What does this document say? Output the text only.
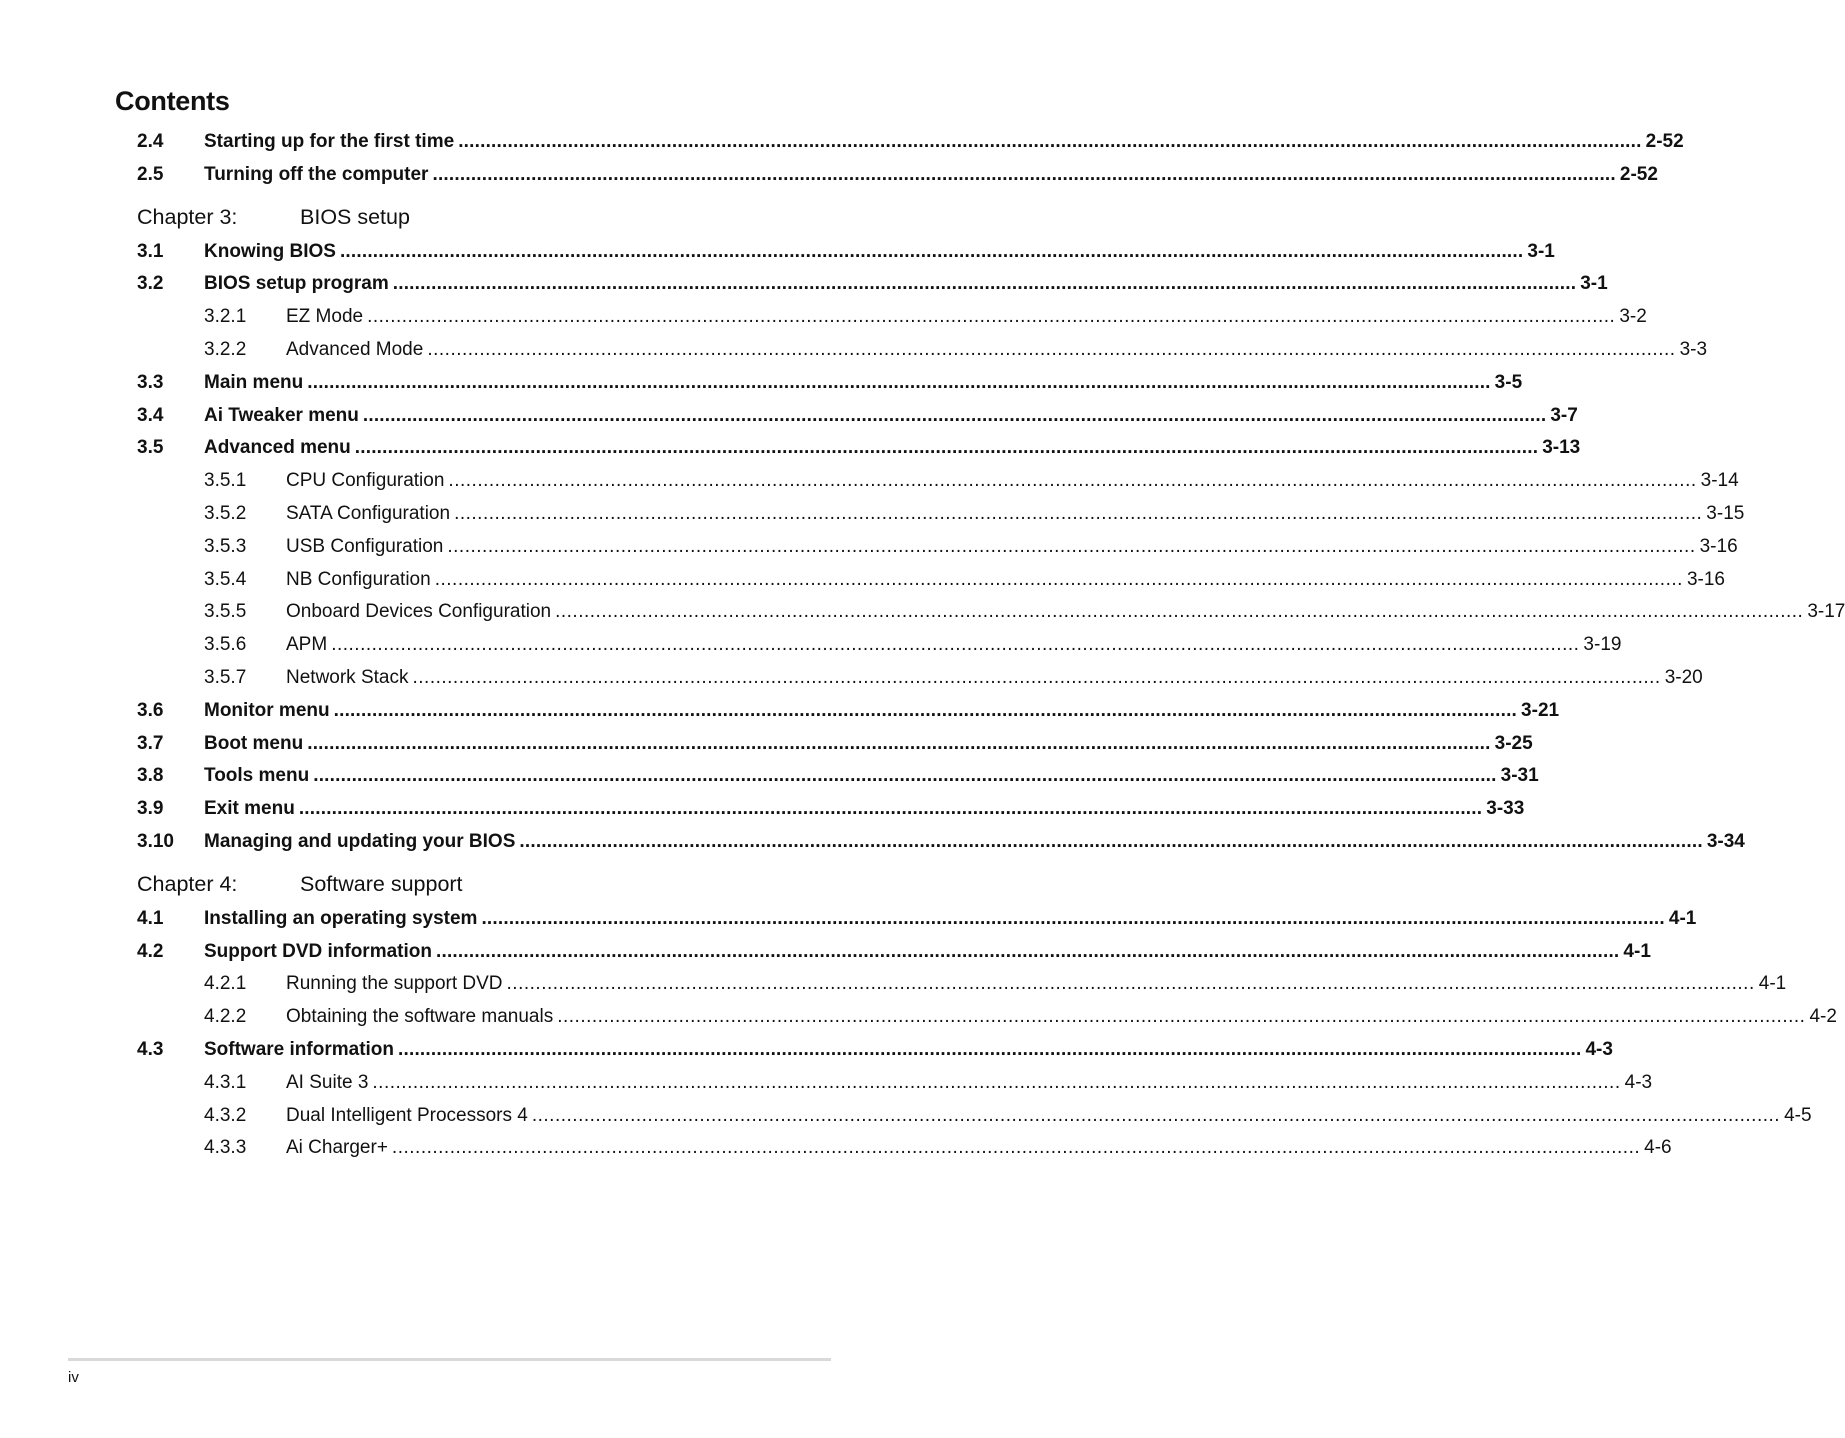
Contents
2.4	Starting up for the first time ........................................................................................................................................................................................................................ 2-52
2.5	Turning off the computer ........................................................................................................................................................................................................................ 2-52
Chapter 3:	BIOS setup
3.1	Knowing BIOS ........................................................................................................................................................................................................................ 3-1
3.2	BIOS setup program ........................................................................................................................................................................................................................ 3-1
3.2.1	EZ Mode ........................................................................................................................................................................................................................ 3-2
3.2.2	Advanced Mode ........................................................................................................................................................................................................................ 3-3
3.3	Main menu ........................................................................................................................................................................................................................ 3-5
3.4	Ai Tweaker menu ........................................................................................................................................................................................................................ 3-7
3.5	Advanced menu ........................................................................................................................................................................................................................ 3-13
3.5.1	CPU Configuration ........................................................................................................................................................................................................................ 3-14
3.5.2	SATA Configuration ........................................................................................................................................................................................................................ 3-15
3.5.3	USB Configuration ........................................................................................................................................................................................................................ 3-16
3.5.4	NB Configuration ........................................................................................................................................................................................................................ 3-16
3.5.5	Onboard Devices Configuration ........................................................................................................................................................................................................................ 3-17
3.5.6	APM ........................................................................................................................................................................................................................ 3-19
3.5.7	Network Stack ........................................................................................................................................................................................................................ 3-20
3.6	Monitor menu ........................................................................................................................................................................................................................ 3-21
3.7	Boot menu ........................................................................................................................................................................................................................ 3-25
3.8	Tools menu ........................................................................................................................................................................................................................ 3-31
3.9	Exit menu ........................................................................................................................................................................................................................ 3-33
3.10	Managing and updating your BIOS ........................................................................................................................................................................................................................ 3-34
Chapter 4:	Software support
4.1	Installing an operating system ........................................................................................................................................................................................................................ 4-1
4.2	Support DVD information ........................................................................................................................................................................................................................ 4-1
4.2.1	Running the support DVD ........................................................................................................................................................................................................................ 4-1
4.2.2	Obtaining the software manuals ........................................................................................................................................................................................................................ 4-2
4.3	Software information ........................................................................................................................................................................................................................ 4-3
4.3.1	AI Suite 3 ........................................................................................................................................................................................................................ 4-3
4.3.2	Dual Intelligent Processors 4 ........................................................................................................................................................................................................................ 4-5
4.3.3	Ai Charger+ ........................................................................................................................................................................................................................ 4-6
iv
